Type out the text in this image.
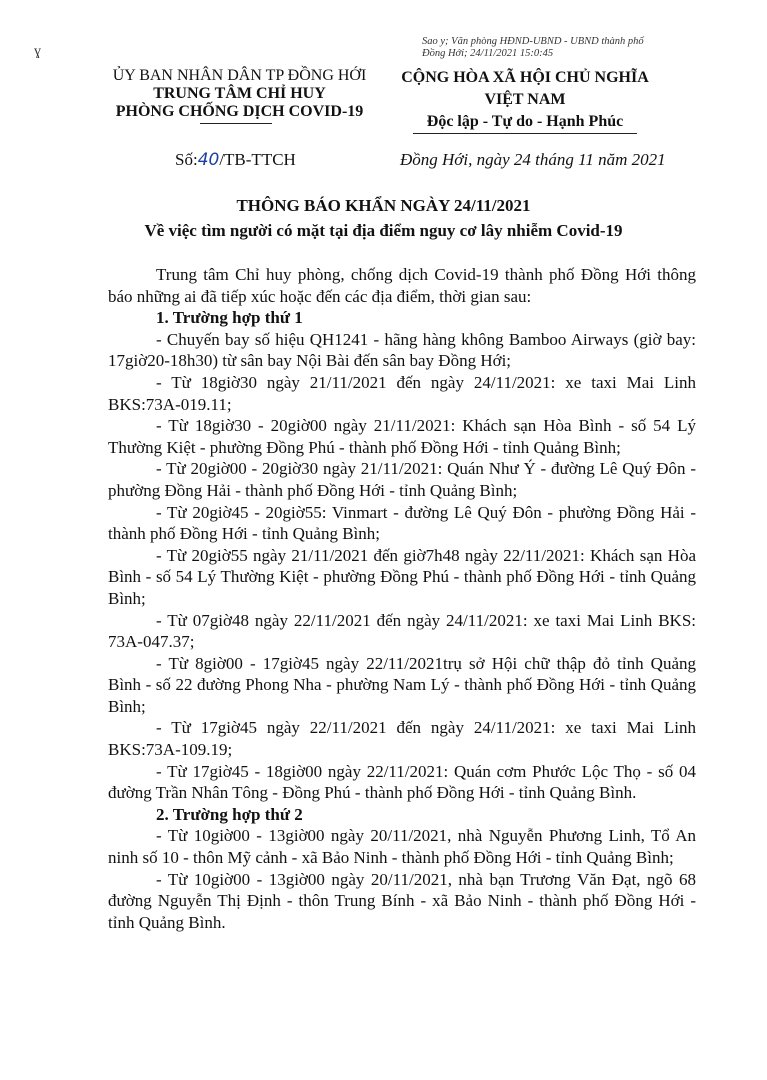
Sao y; Văn phòng HĐND-UBND - UBND thành phố
Đồng Hới; 24/11/2021 15:0:45
ɣ
ỦY BAN NHÂN DÂN TP ĐỒNG HỚI
TRUNG TÂM CHỈ HUY
PHÒNG CHỐNG DỊCH COVID-19
CỘNG HÒA XÃ HỘI CHỦ NGHĨA VIỆT NAM
Độc lập - Tự do - Hạnh Phúc
Số:40/TB-TTCH	Đồng Hới, ngày 24 tháng 11 năm 2021
THÔNG BÁO KHẨN NGÀY 24/11/2021
Về việc tìm người có mặt tại địa điểm nguy cơ lây nhiễm Covid-19

Trung tâm Chỉ huy phòng, chống dịch Covid-19 thành phố Đồng Hới thông báo những ai đã tiếp xúc hoặc đến các địa điểm, thời gian sau:

1. Trường hợp thứ 1

- Chuyến bay số hiệu QH1241 - hãng hàng không Bamboo Airways (giờ bay: 17giờ20-18h30) từ sân bay Nội Bài đến sân bay Đồng Hới;

- Từ 18giờ30 ngày 21/11/2021 đến ngày 24/11/2021: xe taxi Mai Linh BKS:73A-019.11;

- Từ 18giờ30 - 20giờ00 ngày 21/11/2021: Khách sạn Hòa Bình - số 54 Lý Thường Kiệt - phường Đồng Phú - thành phố Đồng Hới - tỉnh Quảng Bình;

- Từ 20giờ00 - 20giờ30 ngày 21/11/2021: Quán Như Ý - đường Lê Quý Đôn - phường Đồng Hải - thành phố Đồng Hới - tỉnh Quảng Bình;

- Từ 20giờ45 - 20giờ55: Vinmart - đường Lê Quý Đôn - phường Đồng Hải - thành phố Đồng Hới - tỉnh Quảng Bình;

- Từ 20giờ55 ngày 21/11/2021 đến giờ7h48 ngày 22/11/2021: Khách sạn Hòa Bình - số 54 Lý Thường Kiệt - phường Đồng Phú - thành phố Đồng Hới - tỉnh Quảng Bình;

- Từ 07giờ48 ngày 22/11/2021 đến ngày 24/11/2021: xe taxi Mai Linh BKS: 73A-047.37;

- Từ 8giờ00 - 17giờ45 ngày 22/11/2021trụ sở Hội chữ thập đỏ tỉnh Quảng Bình - số 22 đường Phong Nha - phường Nam Lý - thành phố Đồng Hới - tỉnh Quảng Bình;

- Từ 17giờ45 ngày 22/11/2021 đến ngày 24/11/2021: xe taxi Mai Linh BKS:73A-109.19;

- Từ 17giờ45 - 18giờ00 ngày 22/11/2021: Quán cơm Phước Lộc Thọ - số 04 đường Trần Nhân Tông - Đồng Phú - thành phố Đồng Hới - tỉnh Quảng Bình.

2. Trường hợp thứ 2

- Từ 10giờ00 - 13giờ00 ngày 20/11/2021, nhà Nguyễn Phương Linh, Tổ An ninh số 10 - thôn Mỹ cảnh - xã Bảo Ninh - thành phố Đồng Hới - tỉnh Quảng Bình;

- Từ 10giờ00 - 13giờ00 ngày 20/11/2021, nhà bạn Trương Văn Đạt, ngõ 68 đường Nguyễn Thị Định - thôn Trung Bính - xã Bảo Ninh - thành phố Đồng Hới - tỉnh Quảng Bình.
